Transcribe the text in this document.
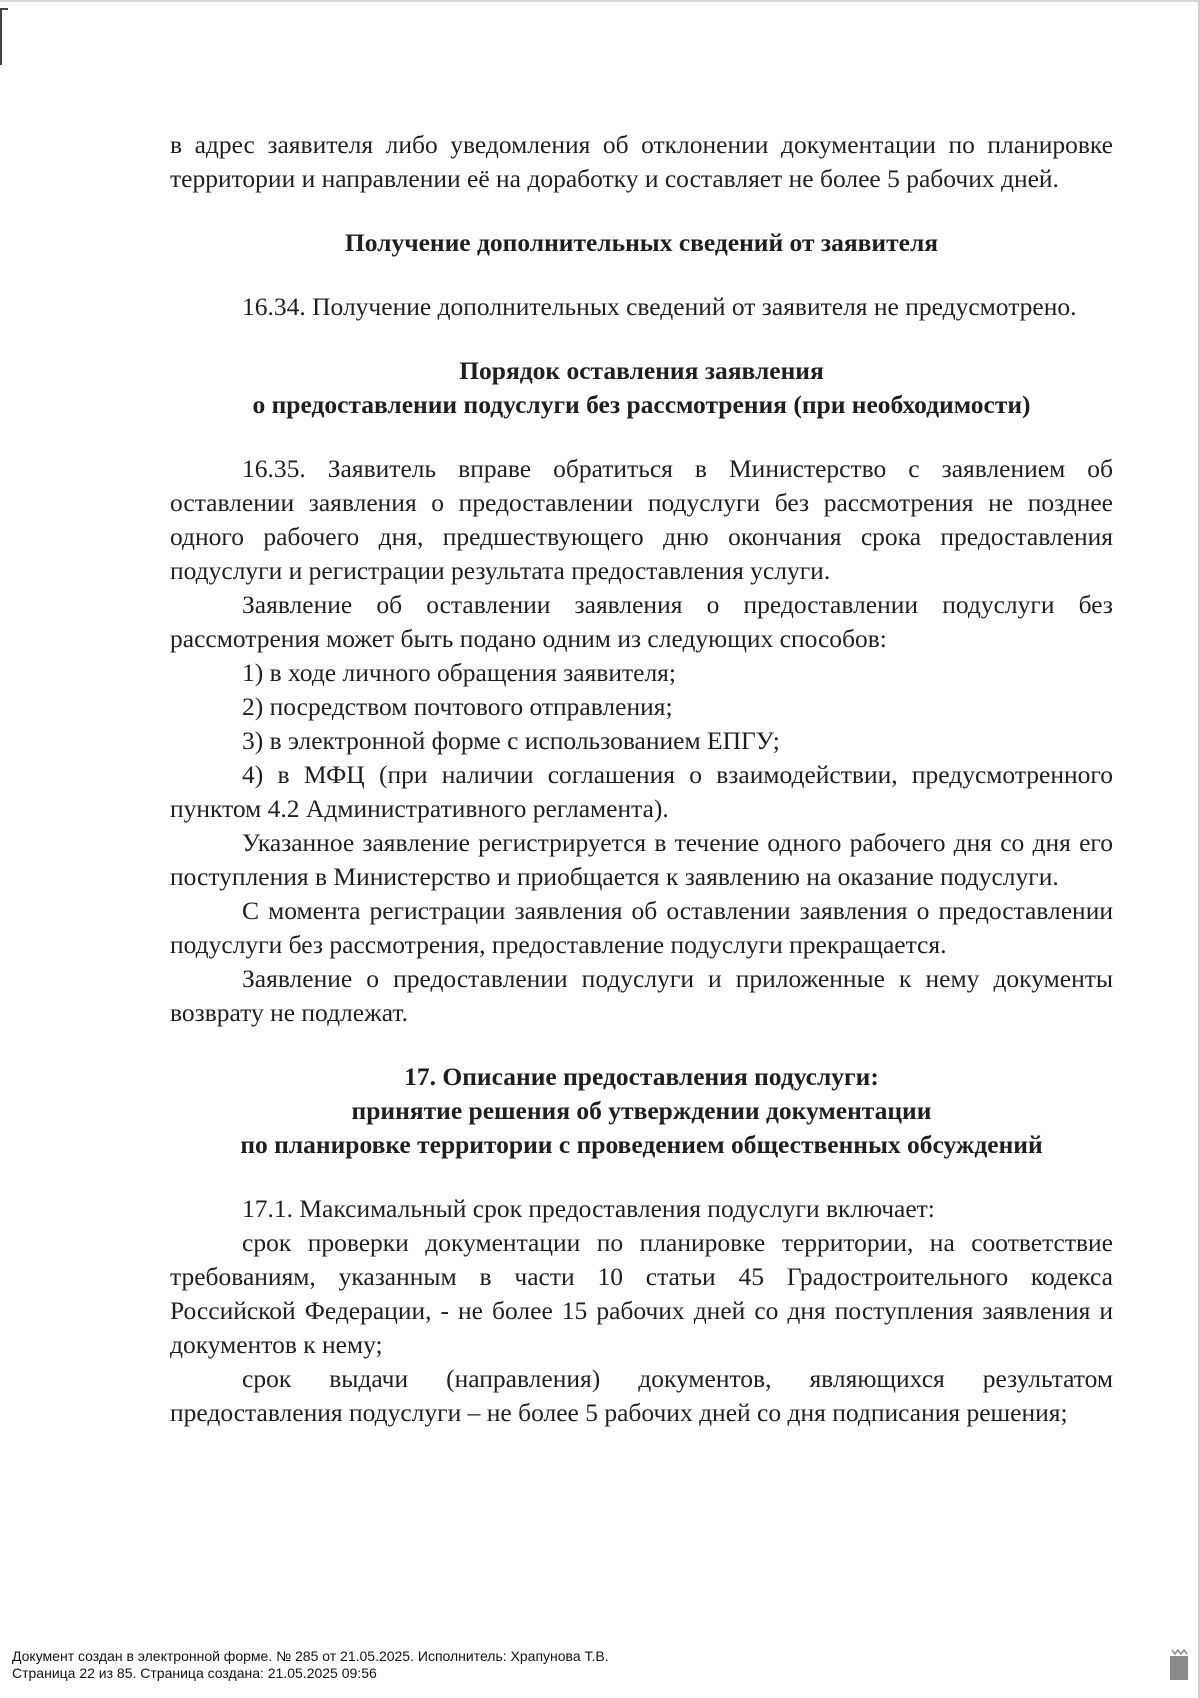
в адрес заявителя либо уведомления об отклонении документации по планировке территории и направлении её на доработку и составляет не более 5 рабочих дней.

Получение дополнительных сведений от заявителя

16.34. Получение дополнительных сведений от заявителя не предусмотрено.

Порядок оставления заявления

о предоставлении подуслуги без рассмотрения (при необходимости)

16.35. Заявитель вправе обратиться в Министерство с заявлением об оставлении заявления о предоставлении подуслуги без рассмотрения не позднее одного рабочего дня, предшествующего дню окончания срока предоставления подуслуги и регистрации результата предоставления услуги.

Заявление об оставлении заявления о предоставлении подуслуги без рассмотрения может быть подано одним из следующих способов:

1) в ходе личного обращения заявителя;

2) посредством почтового отправления;

3) в электронной форме с использованием ЕПГУ;

4) в МФЦ (при наличии соглашения о взаимодействии, предусмотренного пунктом 4.2 Административного регламента).

Указанное заявление регистрируется в течение одного рабочего дня со дня его поступления в Министерство и приобщается к заявлению на оказание подуслуги.

С момента регистрации заявления об оставлении заявления о предоставлении подуслуги без рассмотрения, предоставление подуслуги прекращается.

Заявление о предоставлении подуслуги и приложенные к нему документы возврату не подлежат.

17. Описание предоставления подуслуги:

принятие решения об утверждении документации

по планировке территории с проведением общественных обсуждений

17.1. Максимальный срок предоставления подуслуги включает:

срок проверки документации по планировке территории, на соответствие требованиям, указанным в части 10 статьи 45 Градостроительного кодекса Российской Федерации, - не более 15 рабочих дней со дня поступления заявления и документов к нему;

срок выдачи (направления) документов, являющихся результатом предоставления подуслуги – не более 5 рабочих дней со дня подписания решения;

Документ создан в электронной форме. № 285 от 21.05.2025. Исполнитель: Храпунова Т.В.
Страница 22 из 85. Страница создана: 21.05.2025 09:56
